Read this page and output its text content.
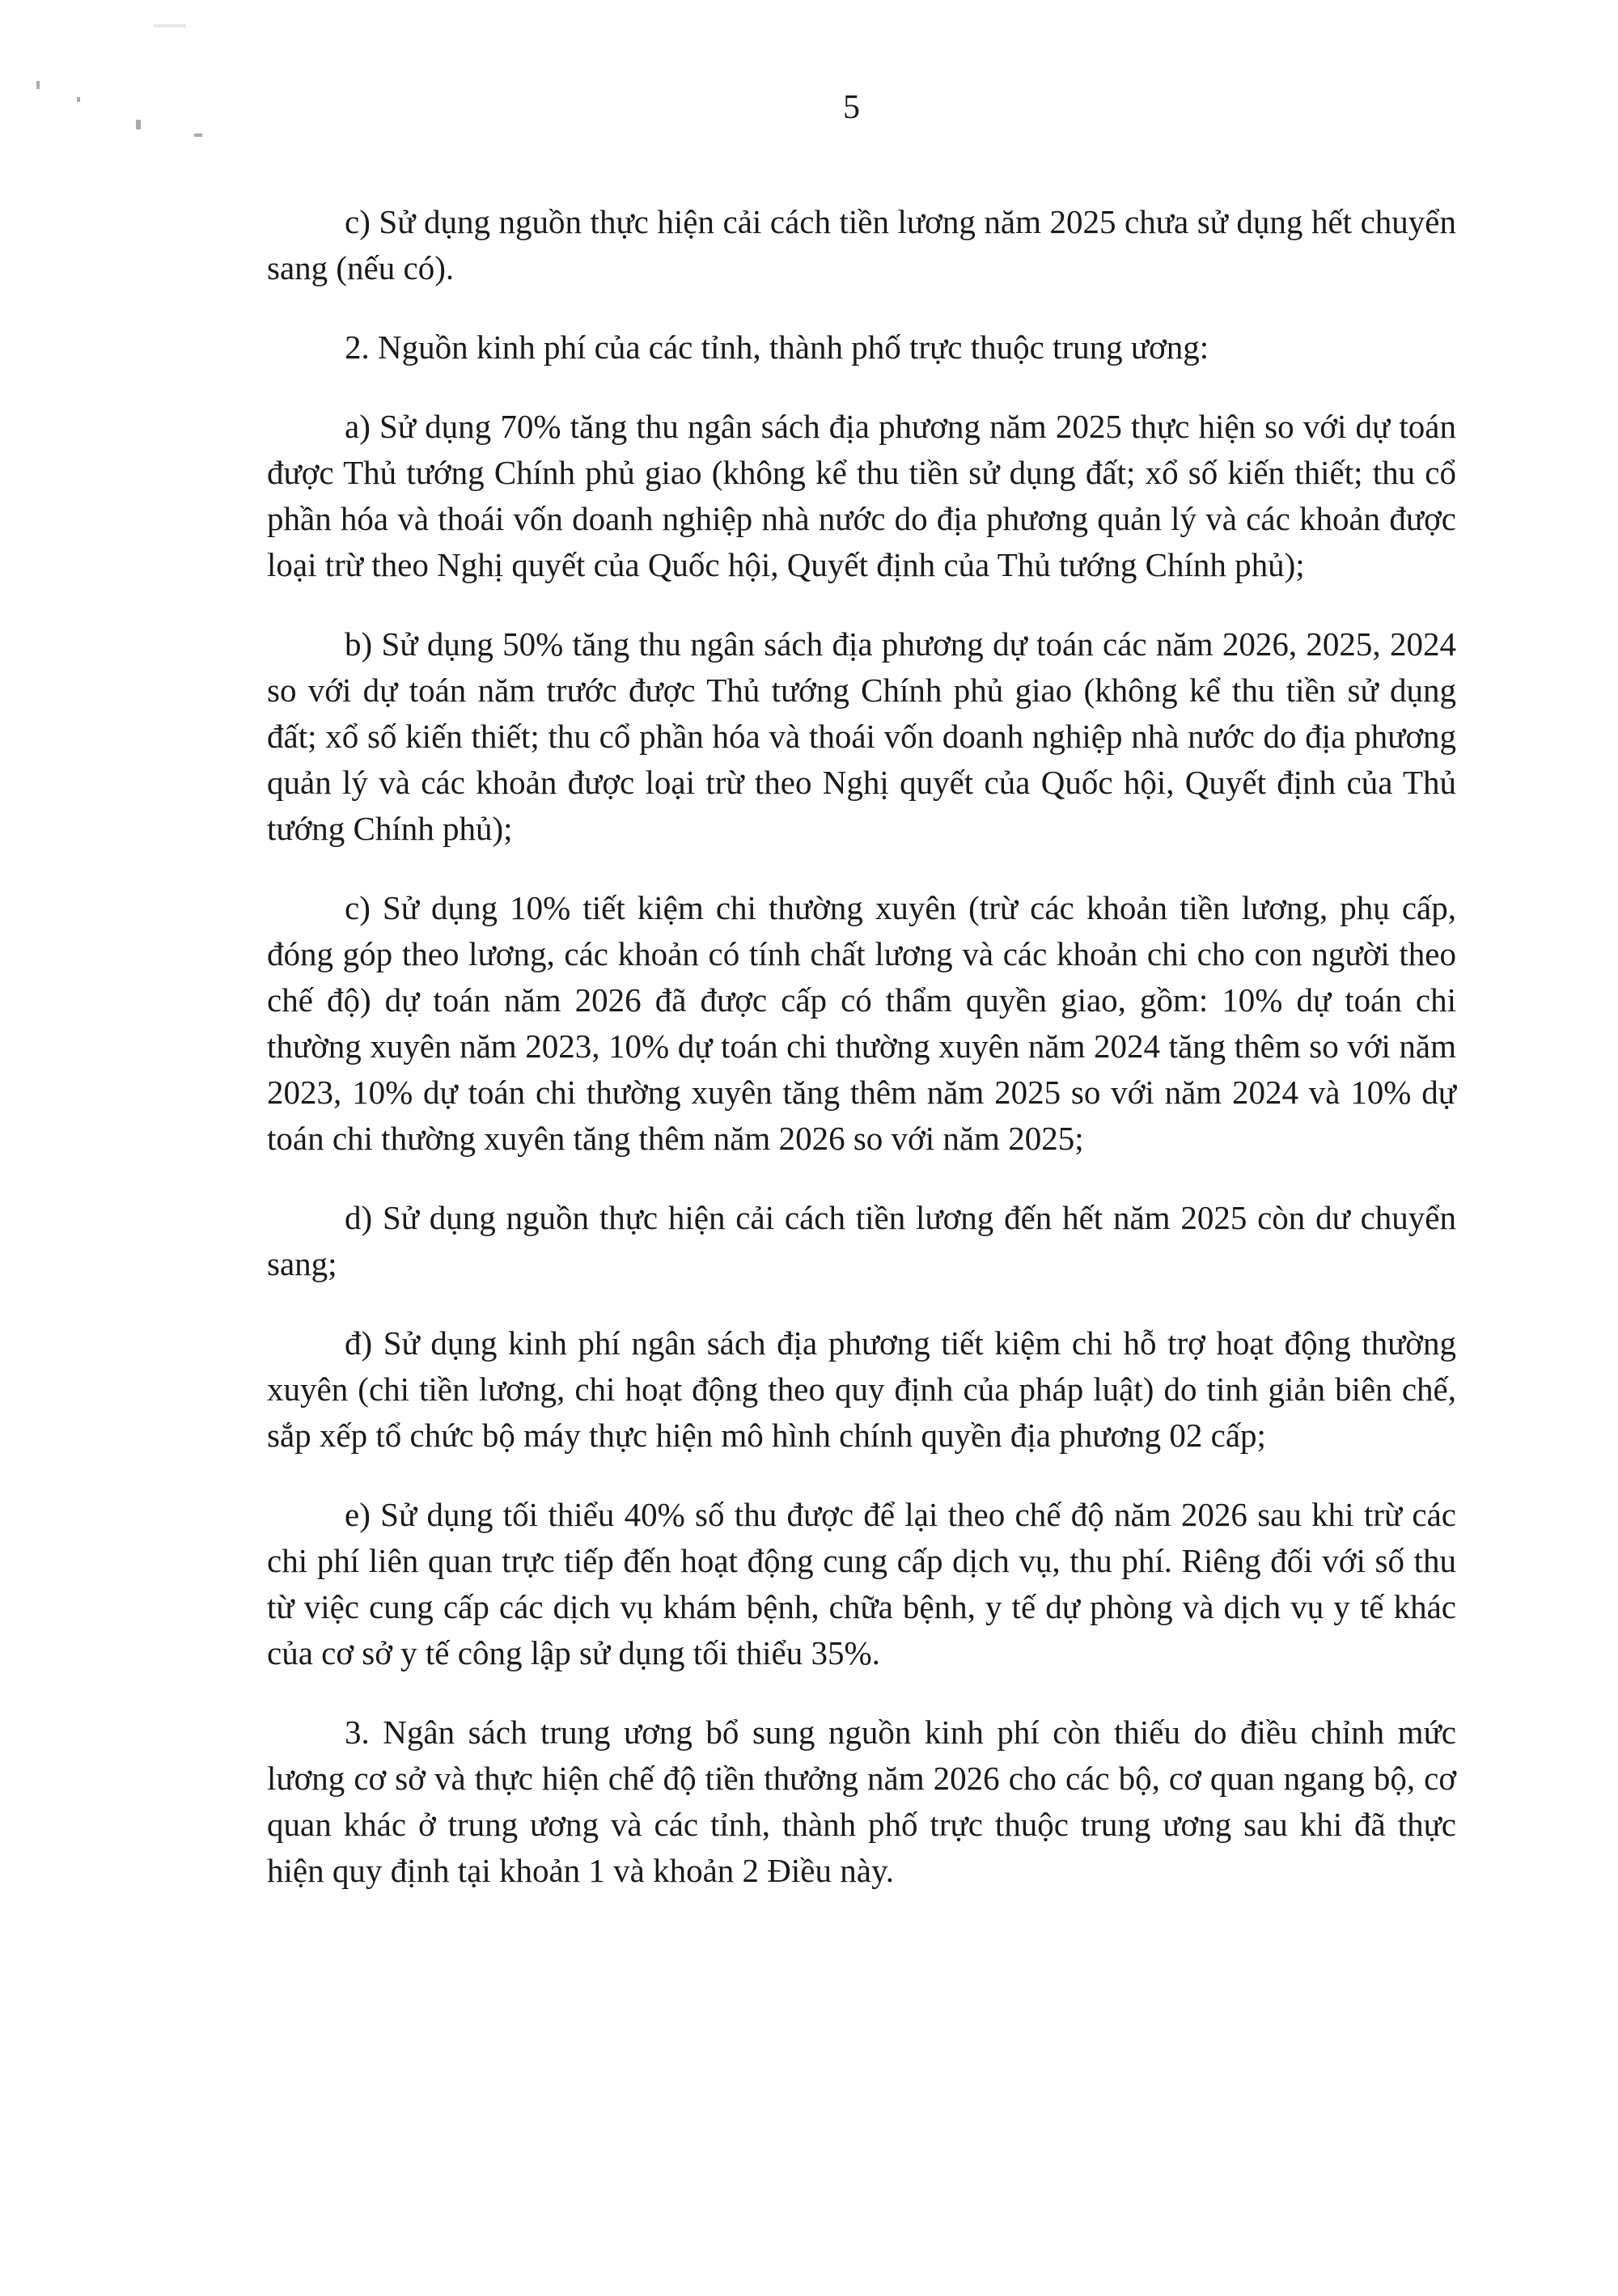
5

c) Sử dụng nguồn thực hiện cải cách tiền lương năm 2025 chưa sử dụng hết chuyển sang (nếu có).

2. Nguồn kinh phí của các tỉnh, thành phố trực thuộc trung ương:

a) Sử dụng 70% tăng thu ngân sách địa phương năm 2025 thực hiện so với dự toán được Thủ tướng Chính phủ giao (không kể thu tiền sử dụng đất; xổ số kiến thiết; thu cổ phần hóa và thoái vốn doanh nghiệp nhà nước do địa phương quản lý và các khoản được loại trừ theo Nghị quyết của Quốc hội, Quyết định của Thủ tướng Chính phủ);

b) Sử dụng 50% tăng thu ngân sách địa phương dự toán các năm 2026, 2025, 2024 so với dự toán năm trước được Thủ tướng Chính phủ giao (không kể thu tiền sử dụng đất; xổ số kiến thiết; thu cổ phần hóa và thoái vốn doanh nghiệp nhà nước do địa phương quản lý và các khoản được loại trừ theo Nghị quyết của Quốc hội, Quyết định của Thủ tướng Chính phủ);

c) Sử dụng 10% tiết kiệm chi thường xuyên (trừ các khoản tiền lương, phụ cấp, đóng góp theo lương, các khoản có tính chất lương và các khoản chi cho con người theo chế độ) dự toán năm 2026 đã được cấp có thẩm quyền giao, gồm: 10% dự toán chi thường xuyên năm 2023, 10% dự toán chi thường xuyên năm 2024 tăng thêm so với năm 2023, 10% dự toán chi thường xuyên tăng thêm năm 2025 so với năm 2024 và 10% dự toán chi thường xuyên tăng thêm năm 2026 so với năm 2025;

d) Sử dụng nguồn thực hiện cải cách tiền lương đến hết năm 2025 còn dư chuyển sang;

đ) Sử dụng kinh phí ngân sách địa phương tiết kiệm chi hỗ trợ hoạt động thường xuyên (chi tiền lương, chi hoạt động theo quy định của pháp luật) do tinh giản biên chế, sắp xếp tổ chức bộ máy thực hiện mô hình chính quyền địa phương 02 cấp;

e) Sử dụng tối thiểu 40% số thu được để lại theo chế độ năm 2026 sau khi trừ các chi phí liên quan trực tiếp đến hoạt động cung cấp dịch vụ, thu phí. Riêng đối với số thu từ việc cung cấp các dịch vụ khám bệnh, chữa bệnh, y tế dự phòng và dịch vụ y tế khác của cơ sở y tế công lập sử dụng tối thiểu 35%.

3. Ngân sách trung ương bổ sung nguồn kinh phí còn thiếu do điều chỉnh mức lương cơ sở và thực hiện chế độ tiền thưởng năm 2026 cho các bộ, cơ quan ngang bộ, cơ quan khác ở trung ương và các tỉnh, thành phố trực thuộc trung ương sau khi đã thực hiện quy định tại khoản 1 và khoản 2 Điều này.
